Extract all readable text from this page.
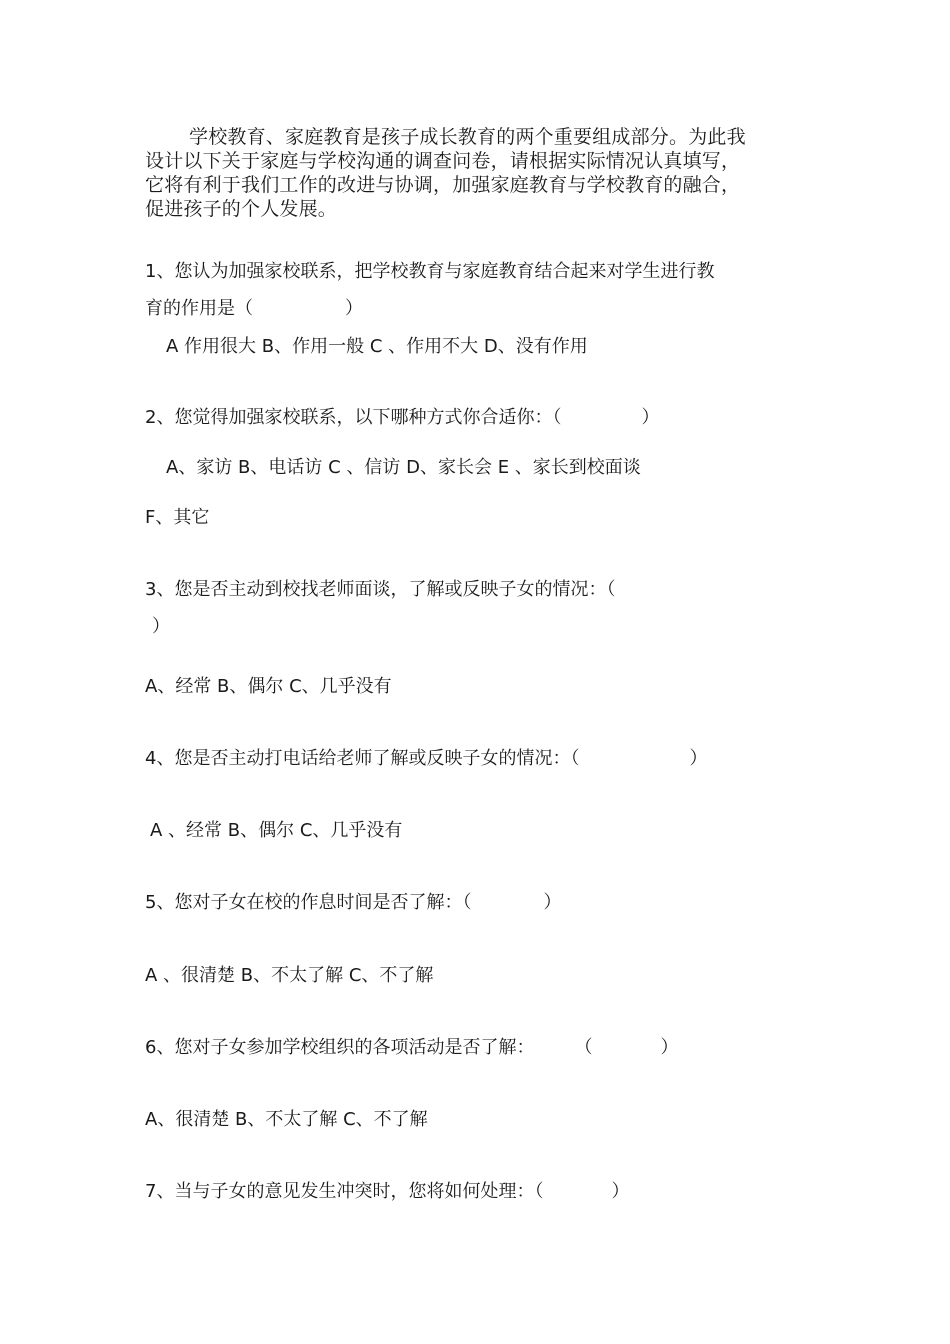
学校教育、家庭教育是孩子成长教育的两个重要组成部分。为此我
设计以下关于家庭与学校沟通的调查问卷，请根据实际情况认真填写，
它将有利于我们工作的改进与协调，加强家庭教育与学校教育的融合，
促进孩子的个人发展。
1、您认为加强家校联系，把学校教育与家庭教育结合起来对学生进行教
育的作用是（	）
A 作用很大 B、作用一般 C 、作用不大 D、没有作用
2、您觉得加强家校联系，以下哪种方式你合适你：（	）
A、家访 B、电话访 C 、信访 D、家长会 E 、家长到校面谈
F、其它
3、您是否主动到校找老师面谈，了解或反映子女的情况：（
）
A、经常 B、偶尔 C、几乎没有
4、您是否主动打电话给老师了解或反映子女的情况：（	）
A 、经常 B、偶尔 C、几乎没有
5、您对子女在校的作息时间是否了解：（	）
A 、很清楚 B、不太了解 C、不了解
6、您对子女参加学校组织的各项活动是否了解： （	）
A、很清楚 B、不太了解 C、不了解
7、当与子女的意见发生冲突时，您将如何处理：（	）
